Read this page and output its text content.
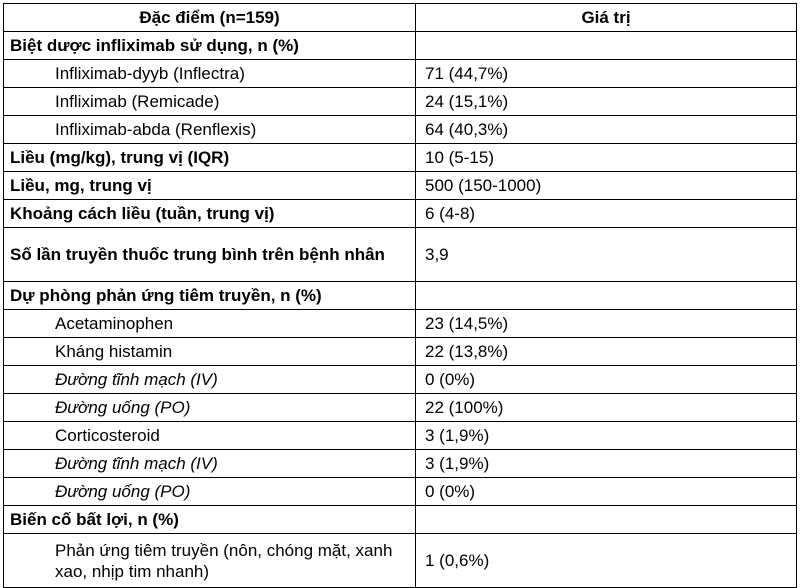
Đặc điểm (n=159)	Giá trị
Biệt dược infliximab sử dụng, n (%)	
Infliximab-dyyb (Inflectra)	71 (44,7%)
Infliximab (Remicade)	24 (15,1%)
Infliximab-abda (Renflexis)	64 (40,3%)
Liều (mg/kg), trung vị (IQR)	10 (5-15)
Liều, mg, trung vị	500 (150-1000)
Khoảng cách liều (tuần, trung vị)	6 (4-8)
Số lần truyền thuốc trung bình trên bệnh nhân	3,9
Dự phòng phản ứng tiêm truyền, n (%)	
Acetaminophen	23 (14,5%)
Kháng histamin	22 (13,8%)
Đường tĩnh mạch (IV)	0 (0%)
Đường uống (PO)	22 (100%)
Corticosteroid	3 (1,9%)
Đường tĩnh mạch (IV)	3 (1,9%)
Đường uống (PO)	0 (0%)
Biến cố bất lợi, n (%)	
Phản ứng tiêm truyền (nôn, chóng mặt, xanh xao, nhịp tim nhanh)	1 (0,6%)
